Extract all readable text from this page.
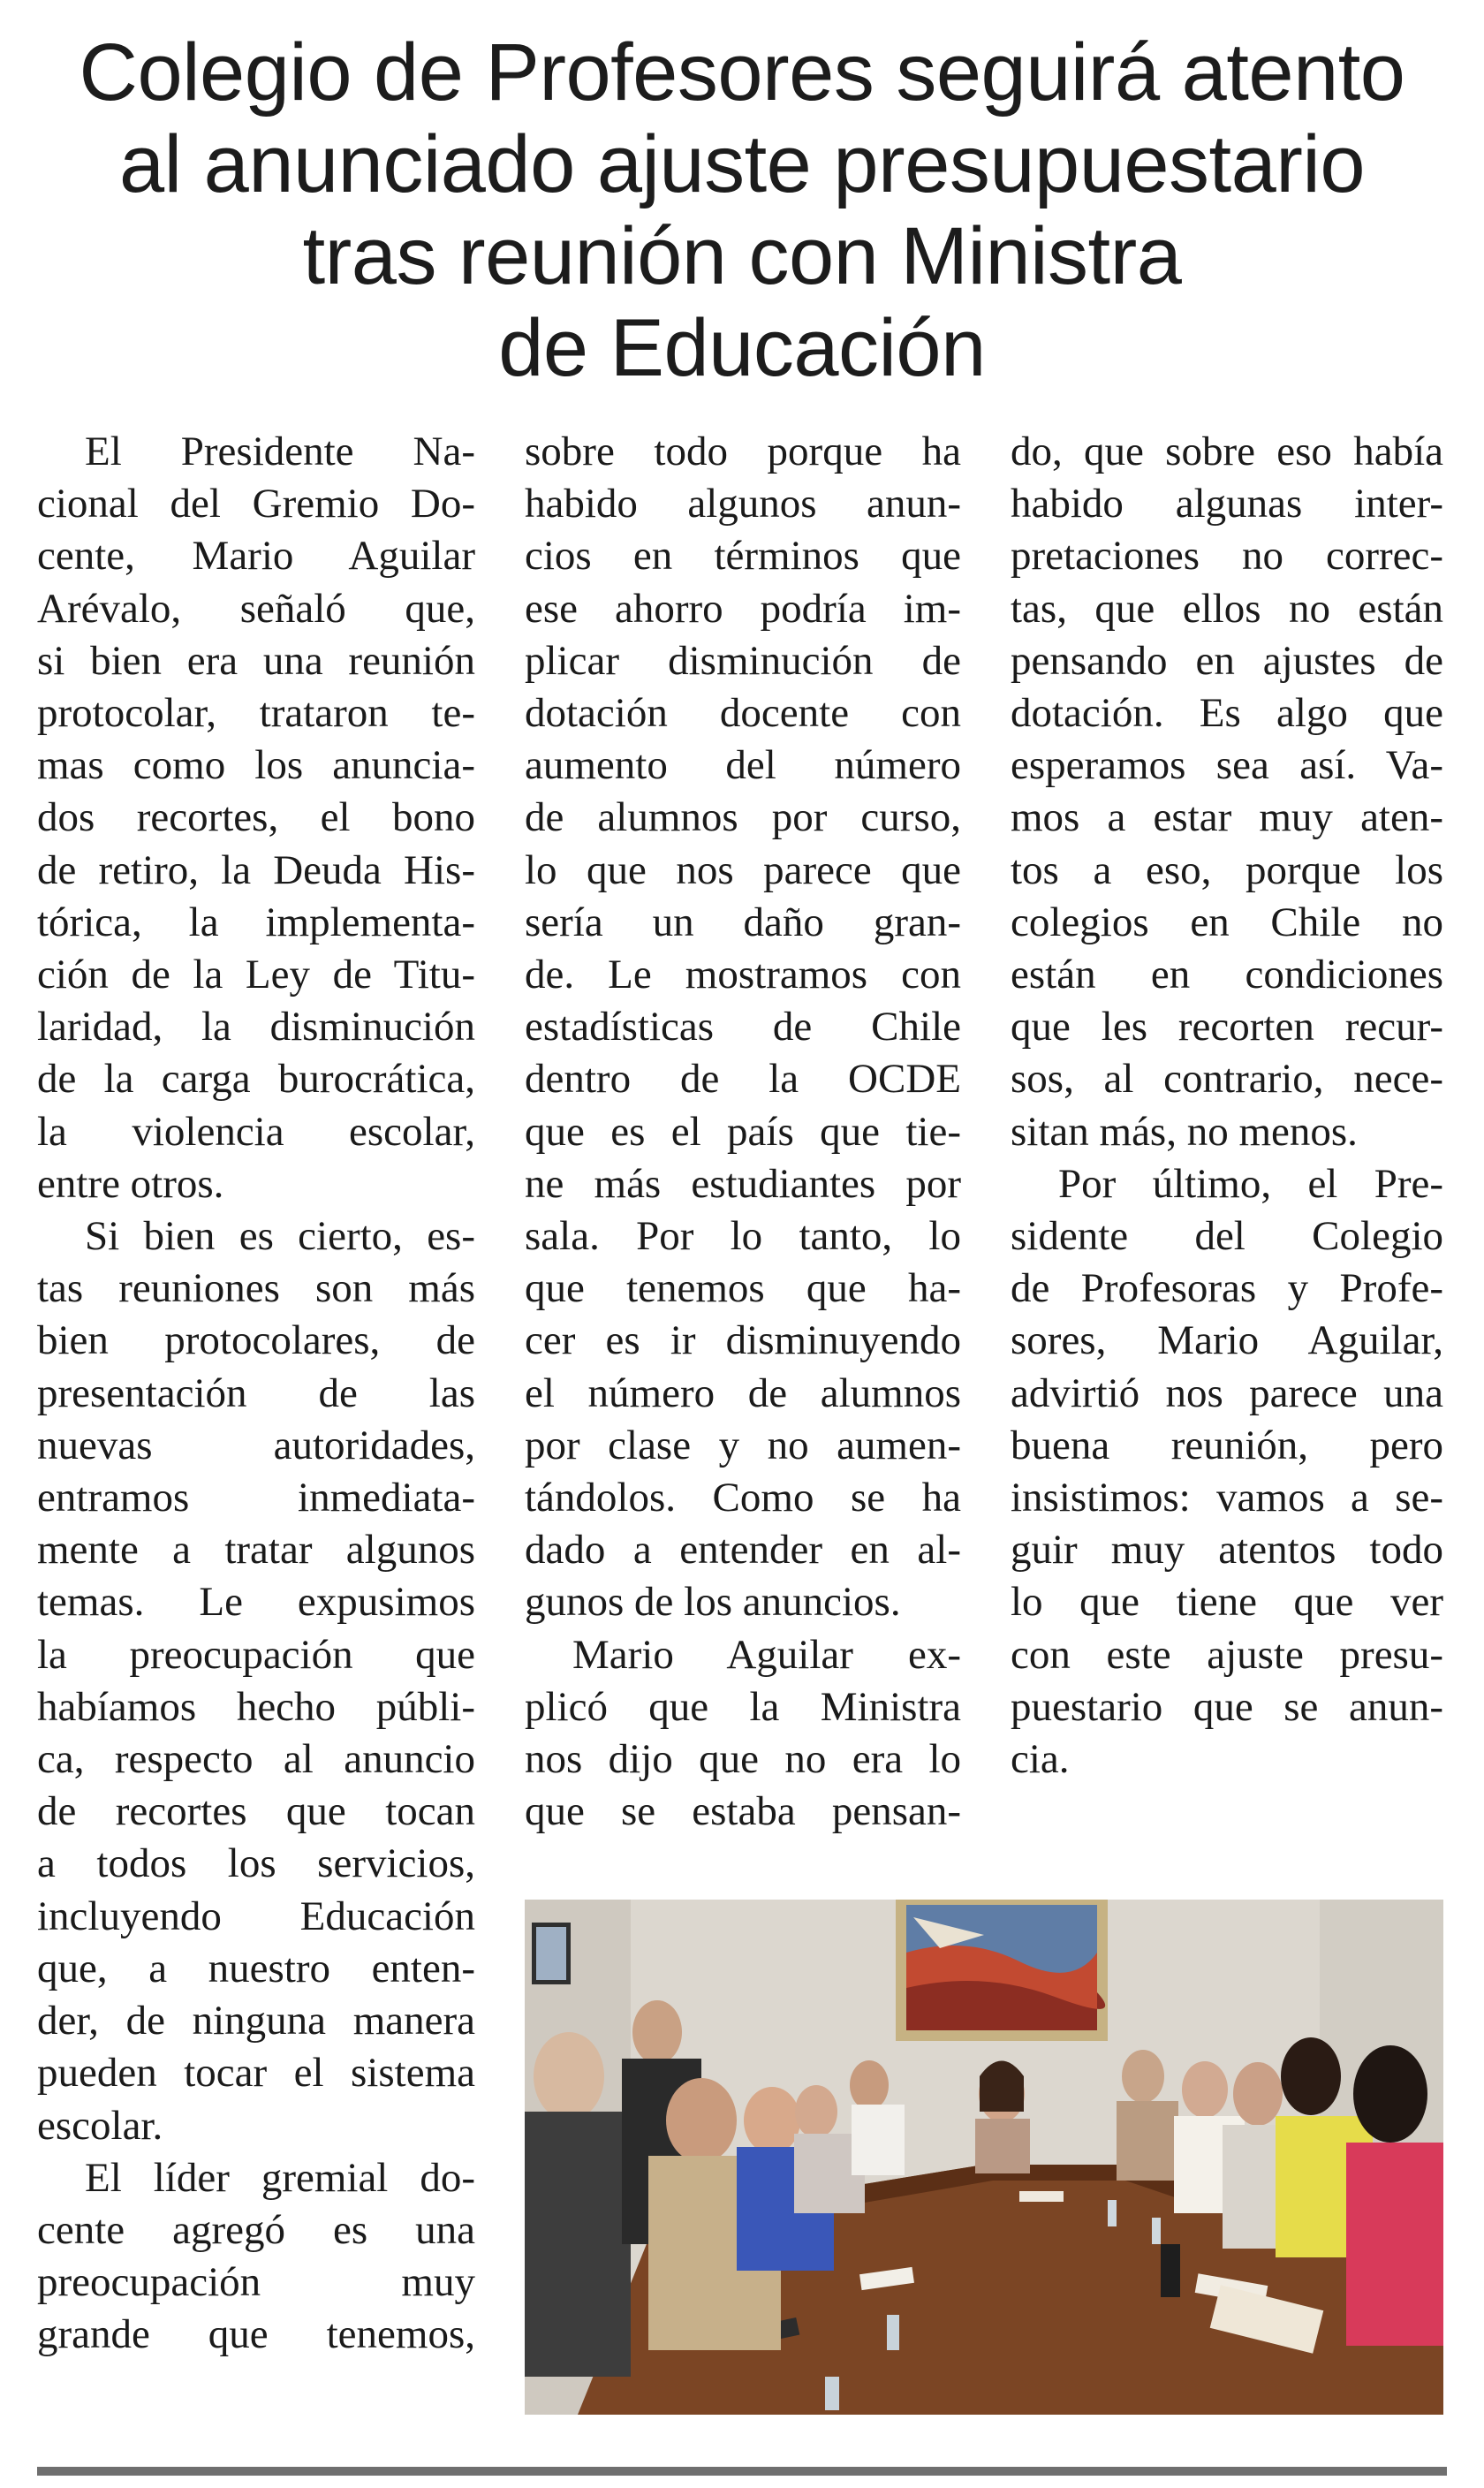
Colegio de Profesores seguirá atento
al anunciado ajuste presupuestario
tras reunión con Ministra
de Educación
El Presidente Na-
cional del Gremio Do-
cente, Mario Aguilar
Arévalo, señaló que,
si bien era una reunión
protocolar, trataron te-
mas como los anuncia-
dos recortes, el bono
de retiro, la Deuda His-
tórica, la implementa-
ción de la Ley de Titu-
laridad, la disminución
de la carga burocrática,
la violencia escolar,
entre otros.
Si bien es cierto, es-
tas reuniones son más
bien protocolares, de
presentación de las
nuevas autoridades,
entramos inmediata-
mente a tratar algunos
temas. Le expusimos
la preocupación que
habíamos hecho públi-
ca, respecto al anuncio
de recortes que tocan
a todos los servicios,
incluyendo Educación
que, a nuestro enten-
der, de ninguna manera
pueden tocar el sistema
escolar.
El líder gremial do-
cente agregó es una
preocupación muy
grande que tenemos,
sobre todo porque ha
habido algunos anun-
cios en términos que
ese ahorro podría im-
plicar disminución de
dotación docente con
aumento del número
de alumnos por curso,
lo que nos parece que
sería un daño gran-
de. Le mostramos con
estadísticas de Chile
dentro de la OCDE
que es el país que tie-
ne más estudiantes por
sala. Por lo tanto, lo
que tenemos que ha-
cer es ir disminuyendo
el número de alumnos
por clase y no aumen-
tándolos. Como se ha
dado a entender en al-
gunos de los anuncios.
Mario Aguilar ex-
plicó que la Ministra
nos dijo que no era lo
que se estaba pensan-
do, que sobre eso había
habido algunas inter-
pretaciones no correc-
tas, que ellos no están
pensando en ajustes de
dotación. Es algo que
esperamos sea así. Va-
mos a estar muy aten-
tos a eso, porque los
colegios en Chile no
están en condiciones
que les recorten recur-
sos, al contrario, nece-
sitan más, no menos.
Por último, el Pre-
sidente del Colegio
de Profesoras y Profe-
sores, Mario Aguilar,
advirtió nos parece una
buena reunión, pero
insistimos: vamos a se-
guir muy atentos todo
lo que tiene que ver
con este ajuste presu-
puestario que se anun-
cia.
